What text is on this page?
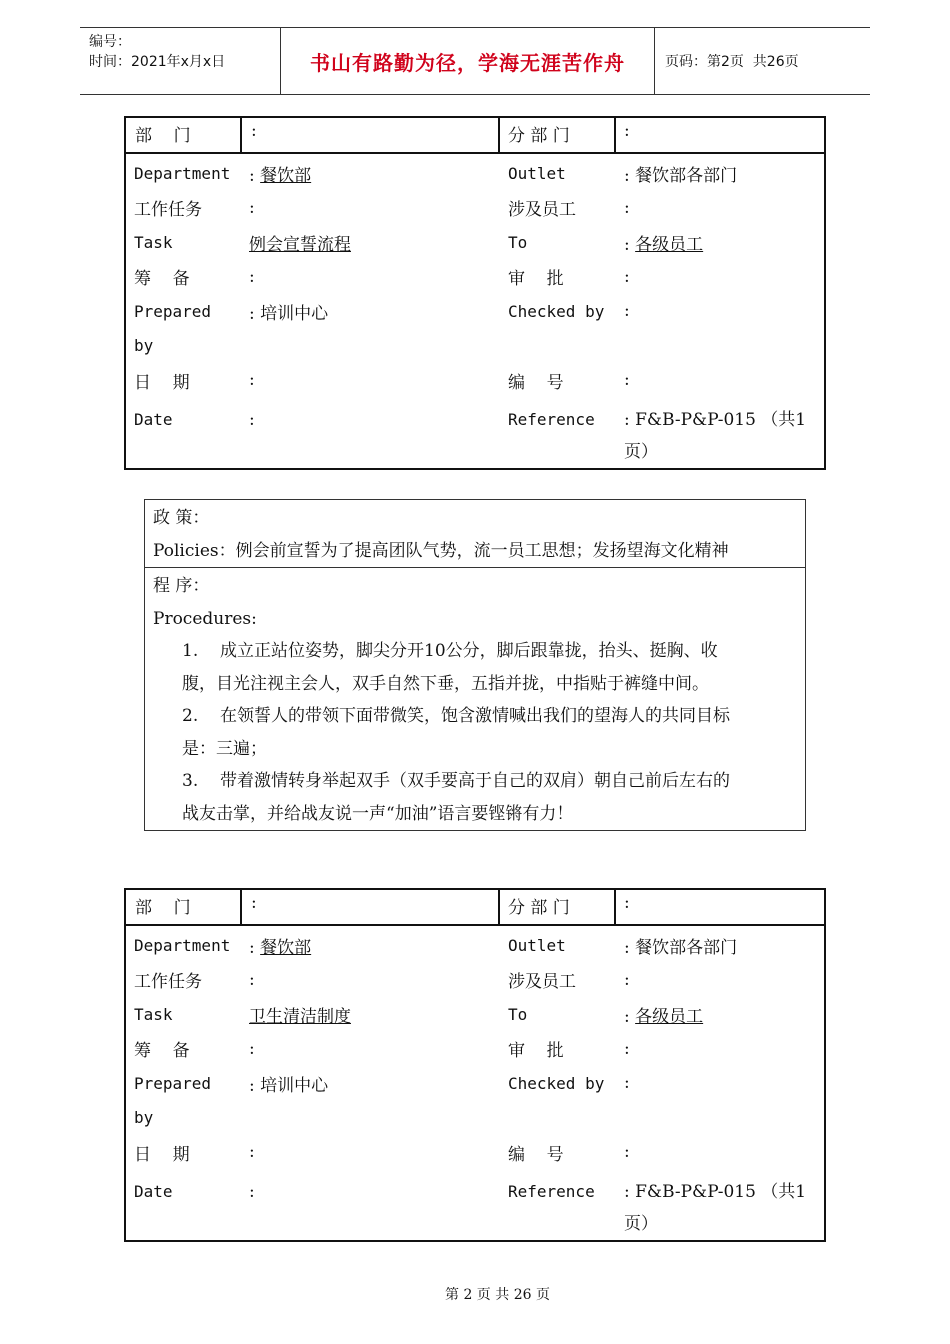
编号：
时间：2021年x月x日	书山有路勤为径，学海无涯苦作舟	页码：第2页  共26页
部    门	:	分 部 门	:
Department	: 餐饮部	Outlet	: 餐饮部各部门
工作任务	:	涉及员工	:
Task	例会宣誓流程	To	: 各级员工
筹    备	:	审    批	:
Prepared	: 培训中心	Checked by	:
by
日    期	:	编    号	:
Date	:	Reference	: F&B-P&P-015 （共1页）

政 策：

Policies：例会前宣誓为了提高团队气势，流一员工思想；发扬望海文化精神

程 序：

Procedures:

1. 成立正站位姿势，脚尖分开10公分，脚后跟靠拢，抬头、挺胸、收

腹，目光注视主会人，双手自然下垂，五指并拢，中指贴于裤缝中间。

2. 在领誓人的带领下面带微笑，饱含激情喊出我们的望海人的共同目标

是：三遍；

3. 带着激情转身举起双手（双手要高于自己的双肩）朝自己前后左右的

战友击掌，并给战友说一声“加油”语言要铿锵有力！

部    门	:	分 部 门	:
Department	: 餐饮部	Outlet	: 餐饮部各部门
工作任务	:	涉及员工	:
Task	卫生清洁制度	To	: 各级员工
筹    备	:	审    批	:
Prepared	: 培训中心	Checked by	:
by
日    期	:	编    号	:
Date	:	Reference	: F&B-P&P-015 （共1页）
第 2 页 共 26 页
